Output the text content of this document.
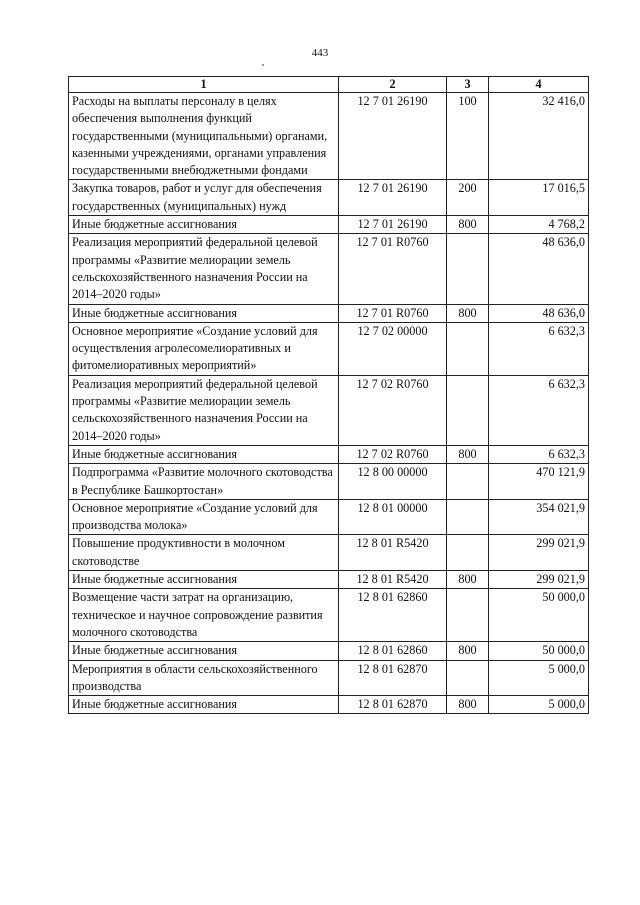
443
1	2	3	4
Расходы на выплаты персоналу в целях обеспечения выполнения функций государственными (муниципальными) органами, казенными учреждениями, органами управления государственными внебюджетными фондами	12 7 01 26190	100	32 416,0
Закупка товаров, работ и услуг для обеспечения государственных (муниципальных) нужд	12 7 01 26190	200	17 016,5
Иные бюджетные ассигнования	12 7 01 26190	800	4 768,2
Реализация мероприятий федеральной целевой программы «Развитие мелиорации земель сельскохозяйственного назначения России на 2014–2020 годы»	12 7 01 R0760		48 636,0
Иные бюджетные ассигнования	12 7 01 R0760	800	48 636,0
Основное мероприятие «Создание условий для осуществления агролесомелиоративных и фитомелиоративных мероприятий»	12 7 02 00000		6 632,3
Реализация мероприятий федеральной целевой программы «Развитие мелиорации земель сельскохозяйственного назначения России на 2014–2020 годы»	12 7 02 R0760		6 632,3
Иные бюджетные ассигнования	12 7 02 R0760	800	6 632,3
Подпрограмма «Развитие молочного скотоводства в Республике Башкортостан»	12 8 00 00000		470 121,9
Основное мероприятие «Создание условий для производства молока»	12 8 01 00000		354 021,9
Повышение продуктивности в молочном скотоводстве	12 8 01 R5420		299 021,9
Иные бюджетные ассигнования	12 8 01 R5420	800	299 021,9
Возмещение части затрат на организацию, техническое и научное сопровождение развития молочного скотоводства	12 8 01 62860		50 000,0
Иные бюджетные ассигнования	12 8 01 62860	800	50 000,0
Мероприятия в области сельскохозяйственного производства	12 8 01 62870		5 000,0
Иные бюджетные ассигнования	12 8 01 62870	800	5 000,0
